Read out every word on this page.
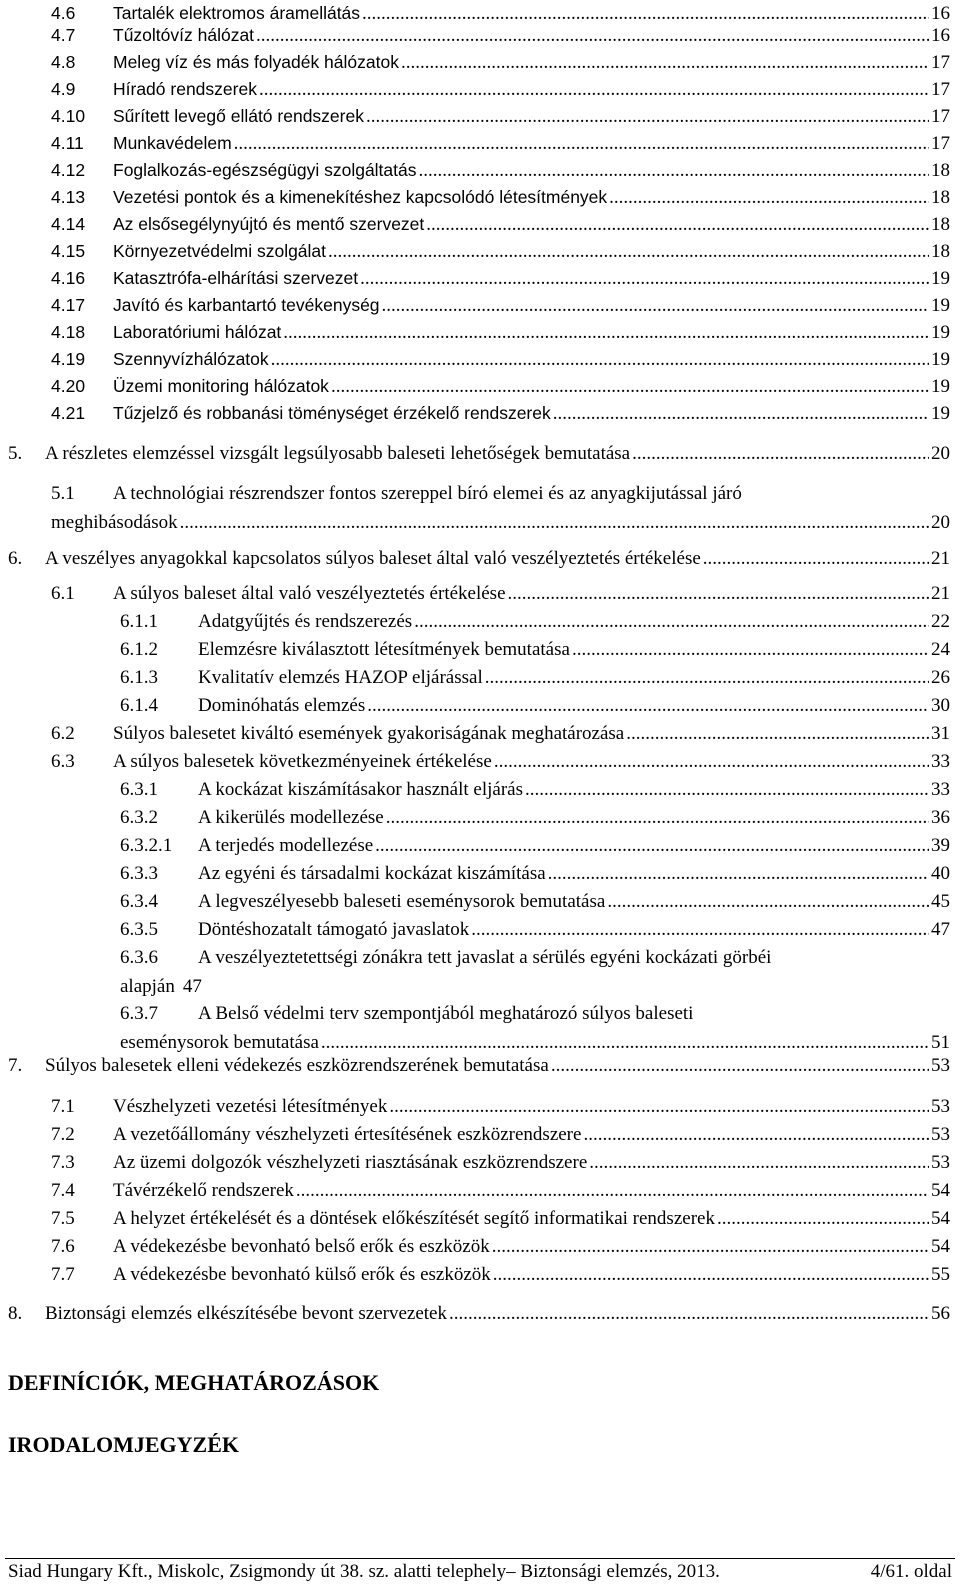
4.6 Tartalék elektromos áramellátás .....	16
4.7 Tűzoltóvíz hálózat .....	16
4.8 Meleg víz és más folyadék hálózatok .....	17
4.9 Híradó rendszerek .....	17
4.10 Sűrített levegő ellátó rendszerek .....	17
4.11 Munkavédelem .....	17
4.12 Foglalkozás-egészségügyi szolgáltatás .....	18
4.13 Vezetési pontok és a kimenekítéshez kapcsolódó létesítmények .....	18
4.14 Az elsősegélynyújtó és mentő szervezet .....	18
4.15 Környezetvédelmi szolgálat .....	18
4.16 Katasztrófa-elhárítási szervezet .....	19
4.17 Javító és karbantartó tevékenység .....	19
4.18 Laboratóriumi hálózat .....	19
4.19 Szennyvízhálózatok .....	19
4.20 Üzemi monitoring hálózatok .....	19
4.21 Tűzjelző és robbanási töménységet érzékelő rendszerek .....	19
5. A részletes elemzéssel vizsgált legsúlyosabb baleseti lehetőségek bemutatása .....	20
5.1 A technológiai részrendszer fontos szereppel bíró elemei és az anyagkijutással járó
meghibásodások .....	20
6. A veszélyes anyagokkal kapcsolatos súlyos baleset által való veszélyeztetés értékelése .....	21
6.1 A súlyos baleset által való veszélyeztetés értékelése .....	21
6.1.1 Adatgyűjtés és rendszerezés .....	22
6.1.2 Elemzésre kiválasztott létesítmények bemutatása .....	24
6.1.3 Kvalitatív elemzés HAZOP eljárással .....	26
6.1.4 Dominóhatás elemzés .....	30
6.2 Súlyos balesetet kiváltó események gyakoriságának meghatározása .....	31
6.3 A súlyos balesetek következményeinek értékelése .....	33
6.3.1 A kockázat kiszámításakor használt eljárás .....	33
6.3.2 A kikerülés modellezése .....	36
6.3.2.1 A terjedés modellezése .....	39
6.3.3 Az egyéni és társadalmi kockázat kiszámítása .....	40
6.3.4 A legveszélyesebb baleseti eseménysorok bemutatása .....	45
6.3.5 Döntéshozatalt támogató javaslatok .....	47
6.3.6 A veszélyeztetettségi zónákra tett javaslat a sérülés egyéni kockázati görbéi
alapján 47
6.3.7 A Belső védelmi terv szempontjából meghatározó súlyos baleseti
eseménysorok bemutatása .....	51
7. Súlyos balesetek elleni védekezés eszközrendszerének bemutatása .....	53
7.1 Vészhelyzeti vezetési létesítmények .....	53
7.2 A vezetőállomány vészhelyzeti értesítésének eszközrendszere .....	53
7.3 Az üzemi dolgozók vészhelyzeti riasztásának eszközrendszere .....	53
7.4 Távérzékelő rendszerek .....	54
7.5 A helyzet értékelését és a döntések előkészítését segítő informatikai rendszerek .....	54
7.6 A védekezésbe bevonható belső erők és eszközök .....	54
7.7 A védekezésbe bevonható külső erők és eszközök .....	55
8. Biztonsági elemzés elkészítésébe bevont szervezetek .....	56
DEFINÍCIÓK, MEGHATÁROZÁSOK
IRODALOMJEGYZÉK
Siad Hungary Kft., Miskolc, Zsigmondy út 38. sz. alatti telephely– Biztonsági elemzés, 2013.	4/61. oldal
